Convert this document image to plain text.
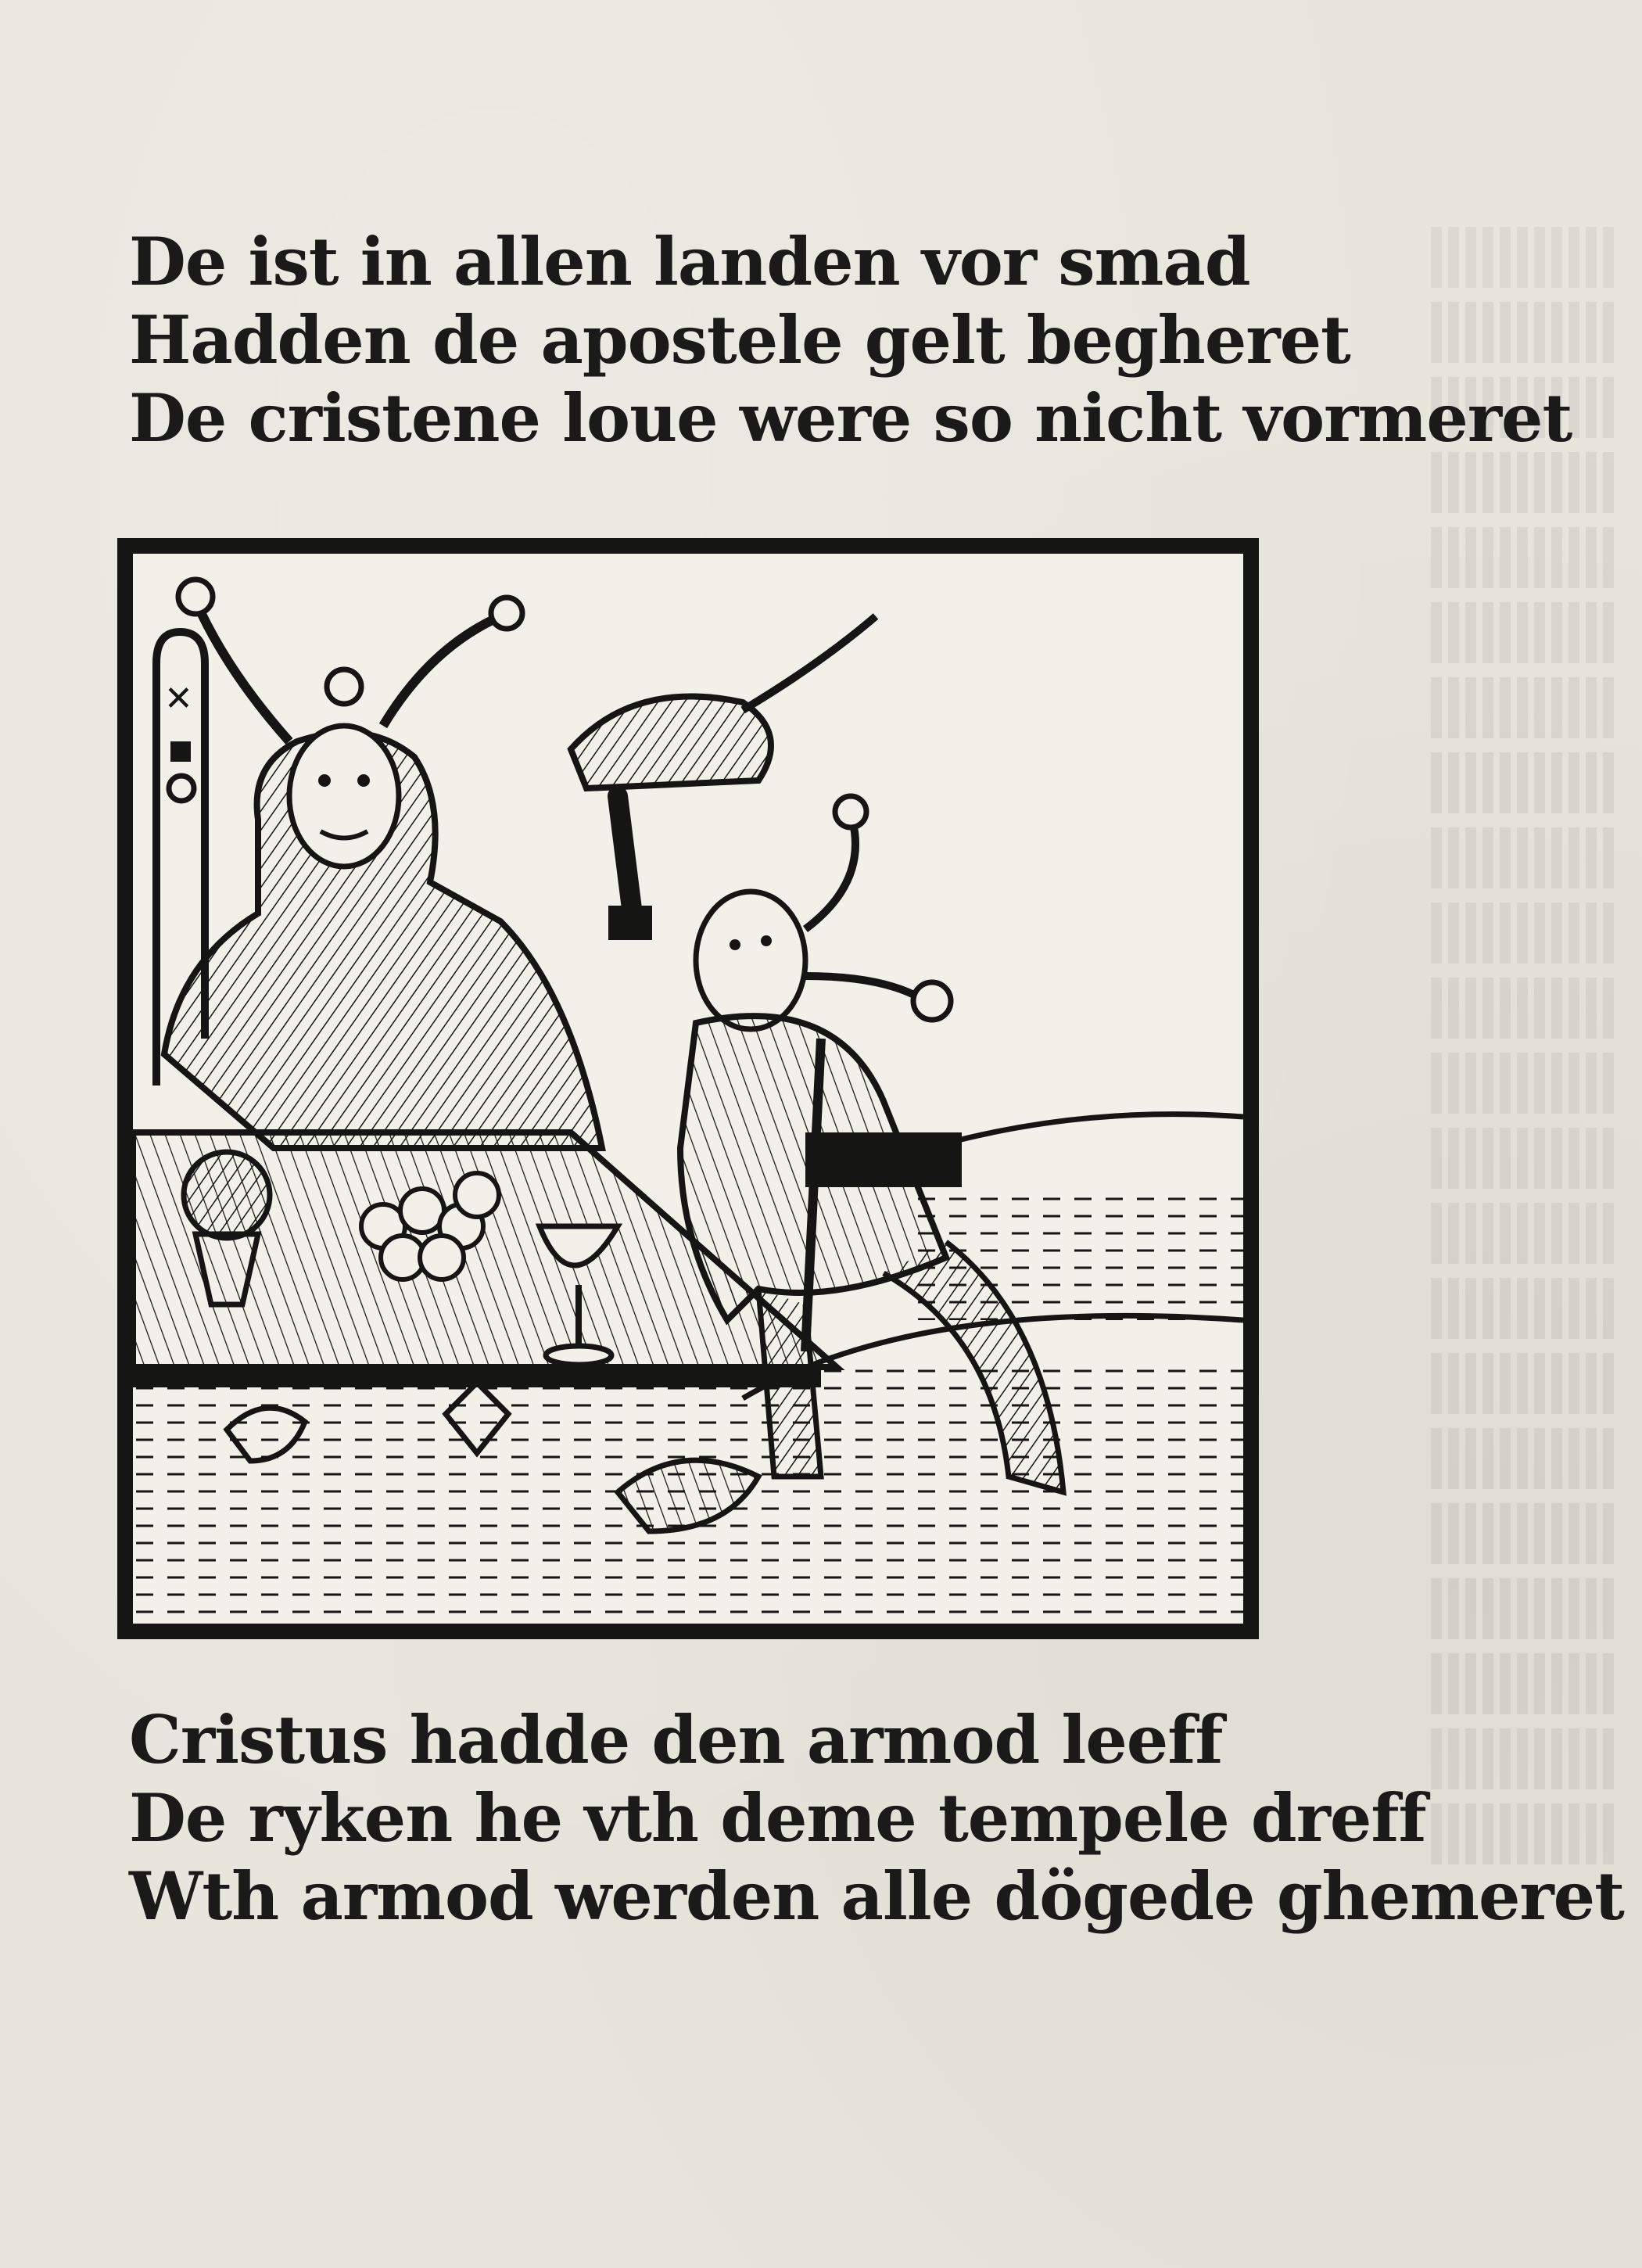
De ist in allen landen vor smad
Hadden de apostele gelt begheret
De cristene loue were so nicht vormeret
✕
Cristus hadde den armod leeff
De ryken he vth deme tempele dreff
Wth armod werden alle dögede ghemeret
